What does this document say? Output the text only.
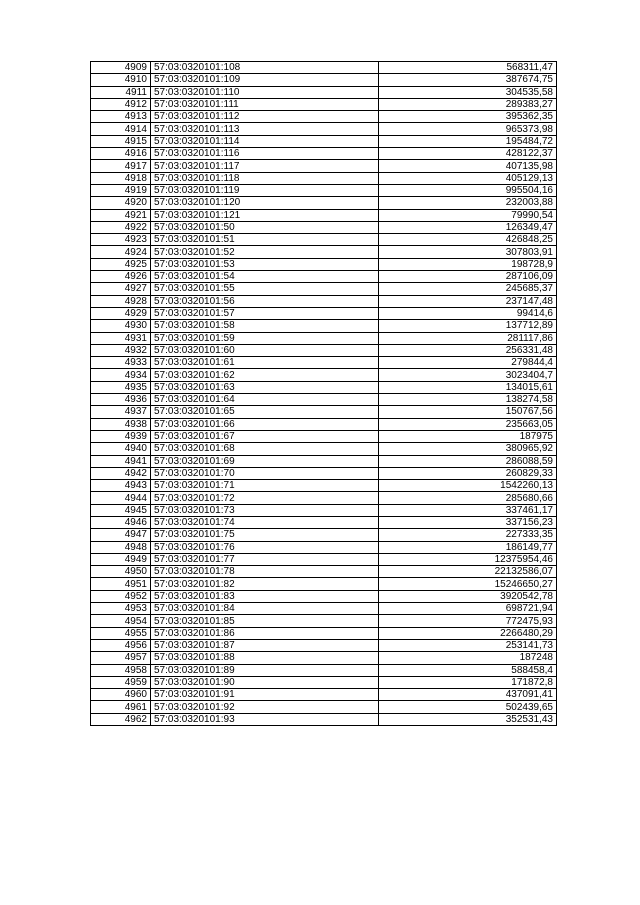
4909	57:03:0320101:108	568311,47
4910	57:03:0320101:109	387674,75
4911	57:03:0320101:110	304535,58
4912	57:03:0320101:111	289383,27
4913	57:03:0320101:112	395362,35
4914	57:03:0320101:113	965373,98
4915	57:03:0320101:114	195484,72
4916	57:03:0320101:116	428122,37
4917	57:03:0320101:117	407135,98
4918	57:03:0320101:118	405129,13
4919	57:03:0320101:119	995504,16
4920	57:03:0320101:120	232003,88
4921	57:03:0320101:121	79990,54
4922	57:03:0320101:50	126349,47
4923	57:03:0320101:51	426848,25
4924	57:03:0320101:52	307803,91
4925	57:03:0320101:53	198728,9
4926	57:03:0320101:54	287106,09
4927	57:03:0320101:55	245685,37
4928	57:03:0320101:56	237147,48
4929	57:03:0320101:57	99414,6
4930	57:03:0320101:58	137712,89
4931	57:03:0320101:59	281117,86
4932	57:03:0320101:60	256331,48
4933	57:03:0320101:61	279844,4
4934	57:03:0320101:62	3023404,7
4935	57:03:0320101:63	134015,61
4936	57:03:0320101:64	138274,58
4937	57:03:0320101:65	150767,56
4938	57:03:0320101:66	235663,05
4939	57:03:0320101:67	187975
4940	57:03:0320101:68	380965,92
4941	57:03:0320101:69	286088,59
4942	57:03:0320101:70	260829,33
4943	57:03:0320101:71	1542260,13
4944	57:03:0320101:72	285680,66
4945	57:03:0320101:73	337461,17
4946	57:03:0320101:74	337156,23
4947	57:03:0320101:75	227333,35
4948	57:03:0320101:76	186149,77
4949	57:03:0320101:77	12375954,46
4950	57:03:0320101:78	22132586,07
4951	57:03:0320101:82	15246650,27
4952	57:03:0320101:83	3920542,78
4953	57:03:0320101:84	698721,94
4954	57:03:0320101:85	772475,93
4955	57:03:0320101:86	2266480,29
4956	57:03:0320101:87	253141,73
4957	57:03:0320101:88	187248
4958	57:03:0320101:89	588458,4
4959	57:03:0320101:90	171872,8
4960	57:03:0320101:91	437091,41
4961	57:03:0320101:92	502439,65
4962	57:03:0320101:93	352531,43
